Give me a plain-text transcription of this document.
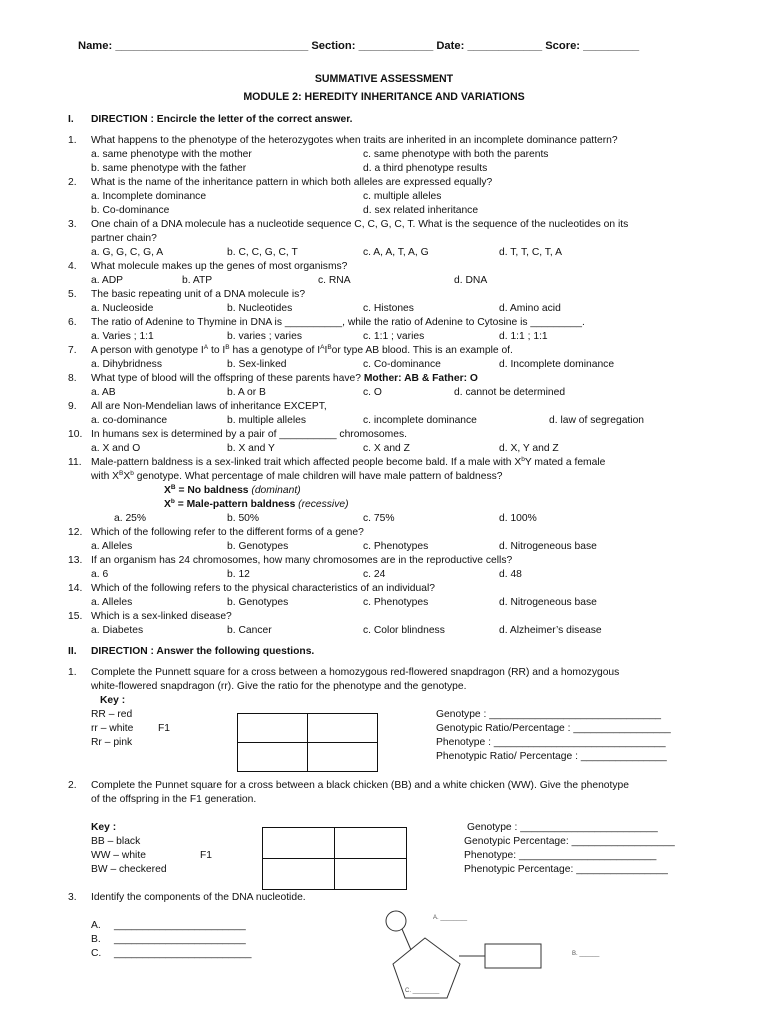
Name: _______________________________ Section: ____________ Date: ____________ Score: _________
SUMMATIVE ASSESSMENT
MODULE 2: HEREDITY INHERITANCE AND VARIATIONS
I. DIRECTION : Encircle the letter of the correct answer.
1. What happens to the phenotype of the heterozygotes when traits are inherited in an incomplete dominance pattern?
a. same phenotype with the mother	c. same phenotype with both the parents
b. same phenotype with the father	d. a third phenotype results
2. What is the name of the inheritance pattern in which both alleles are expressed equally?
a. Incomplete dominance	c. multiple alleles
b. Co-dominance	d. sex related inheritance
3. One chain of a DNA molecule has a nucleotide sequence C, C, G, C, T. What is the sequence of the nucleotides on its
partner chain?
a. G, G, C, G, A	b. C, C, G, C, T	c. A, A, T, A, G	d. T, T, C, T, A
4. What molecule makes up the genes of most organisms?
a. ADP	b. ATP	c. RNA	d. DNA
5. The basic repeating unit of a DNA molecule is?
a. Nucleoside	b. Nucleotides	c. Histones	d. Amino acid
6. The ratio of Adenine to Thymine in DNA is __________, while the ratio of Adenine to Cytosine is _________.
a. Varies ; 1:1	b. varies ; varies	c. 1:1 ; varies	d. 1:1 ; 1:1
7. A person with genotype $I^A$ to $I^B$ has a genotype of $I^AI^Bor$ type AB blood. This is an example of.
a. Dihybridness	b. Sex-linked	c. Co-dominance	d. Incomplete dominance
8. What type of blood will the offspring of these parents have? Mother: AB & Father: O
a. AB	b. A or B	c. O	d. cannot be determined
9. All are Non-Mendelian laws of inheritance EXCEPT,
a. co-dominance	b. multiple alleles	c. incomplete dominance	d. law of segregation
10. In humans sex is determined by a pair of __________ chromosomes.
a. X and O	b. X and Y	c. X and Z	d. X, Y and Z
11. Male-pattern baldness is a sex-linked trait which affected people become bald. If a male with $X^bY$ mated a female
with $X^BX^b$ genotype. What percentage of male children will have male pattern of baldness?
$X^B = No$ baldness (dominant)
$X^b$ = Male-pattern baldness (recessive)
a. 25%	b. 50%	c. 75%	d. 100%
12. Which of the following refer to the different forms of a gene?
a. Alleles	b. Genotypes	c. Phenotypes	d. Nitrogeneous base
13. If an organism has 24 chromosomes, how many chromosomes are in the reproductive cells?
a. 6	b. 12	c. 24	d. 48
14. Which of the following refers to the physical characteristics of an individual?
a. Alleles	b. Genotypes	c. Phenotypes	d. Nitrogeneous base
15. Which is a sex-linked disease?
a. Diabetes	b. Cancer	c. Color blindness	d. Alzheimer’s disease
II. DIRECTION : Answer the following questions.
1. Complete the Punnett square for a cross between a homozygous red-flowered snapdragon (RR) and a homozygous
white-flowered snapdragon (rr). Give the ratio for the phenotype and the genotype.
Key :
RR – red
rr – white F1
Rr – pink
Genotype : ______________________________
Genotypic Ratio/Percentage : _________________
Phenotype : ______________________________
Phenotypic Ratio/ Percentage : _______________
2. Complete the Punnet square for a cross between a black chicken (BB) and a white chicken (WW). Give the phenotype
of the offspring in the F1 generation.
Key :
BB – black
WW – white	F1
BW – checkered
Genotype : ________________________
Genotypic Percentage: __________________
Phenotype: ________________________
Phenotypic Percentage: ________________
3. Identify the components of the DNA nucleotide.
A. _______________________
B. _______________________
C. ________________________
A. ________
B. ______
C. ________
